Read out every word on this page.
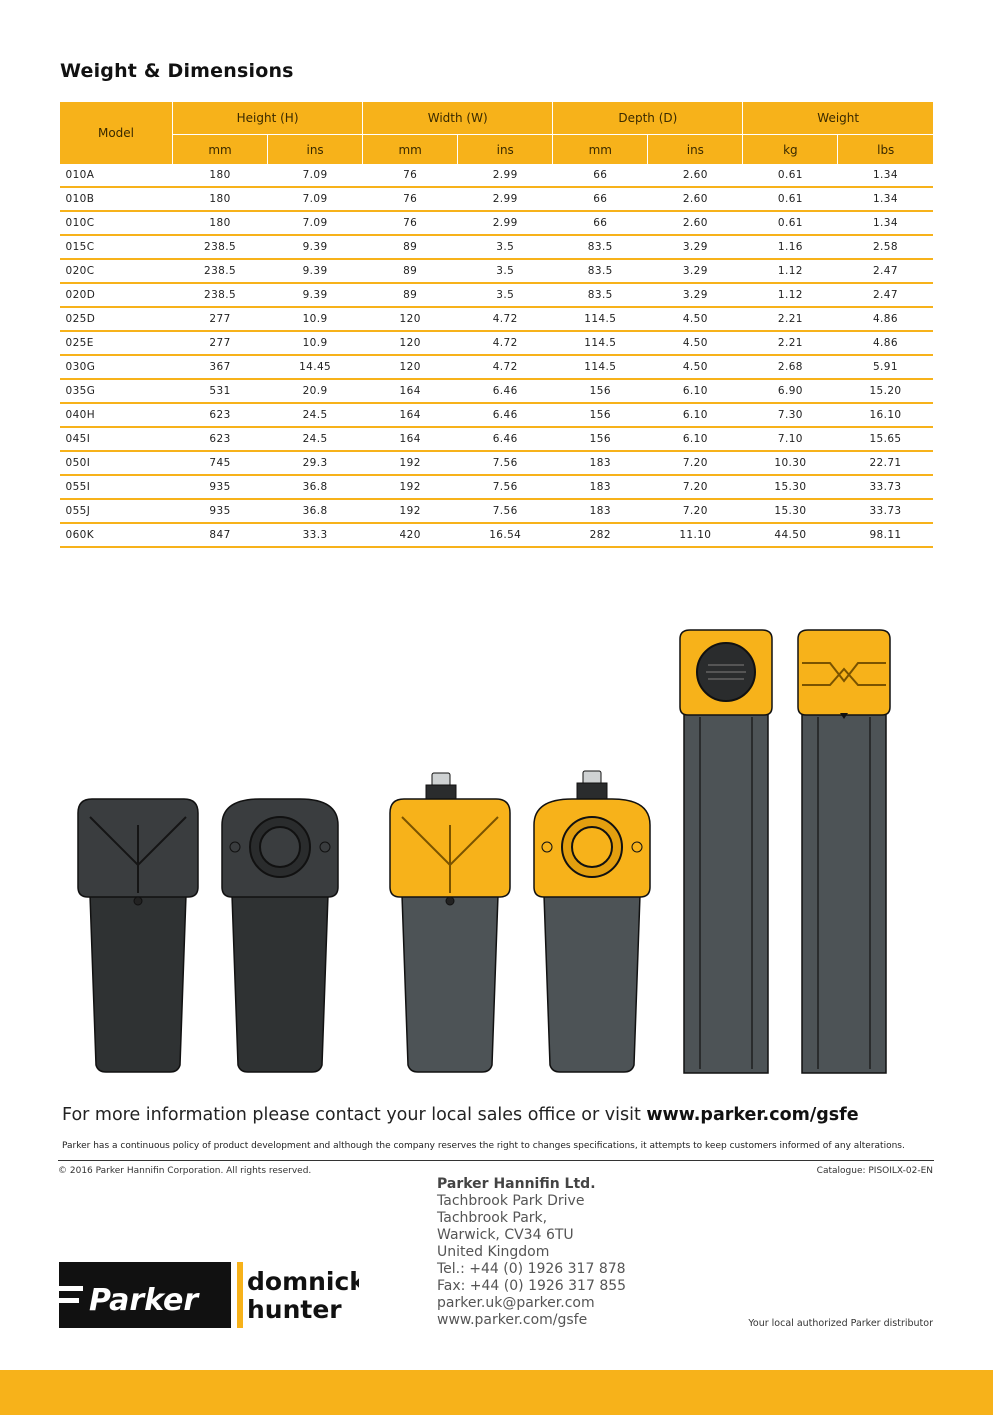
Weight & Dimensions
Model	Height (H)		Width (W)		Depth (D)		Weight	
	mm	ins	mm	ins	mm	ins	kg	lbs
010A	180	7.09	76	2.99	66	2.60	0.61	1.34
010B	180	7.09	76	2.99	66	2.60	0.61	1.34
010C	180	7.09	76	2.99	66	2.60	0.61	1.34
015C	238.5	9.39	89	3.5	83.5	3.29	1.16	2.58
020C	238.5	9.39	89	3.5	83.5	3.29	1.12	2.47
020D	238.5	9.39	89	3.5	83.5	3.29	1.12	2.47
025D	277	10.9	120	4.72	114.5	4.50	2.21	4.86
025E	277	10.9	120	4.72	114.5	4.50	2.21	4.86
030G	367	14.45	120	4.72	114.5	4.50	2.68	5.91
035G	531	20.9	164	6.46	156	6.10	6.90	15.20
040H	623	24.5	164	6.46	156	6.10	7.30	16.10
045I	623	24.5	164	6.46	156	6.10	7.10	15.65
050I	745	29.3	192	7.56	183	7.20	10.30	22.71
055I	935	36.8	192	7.56	183	7.20	15.30	33.73
055J	935	36.8	192	7.56	183	7.20	15.30	33.73
060K	847	33.3	420	16.54	282	11.10	44.50	98.11
For more information please contact your local sales office or visit www.parker.com/gsfe
Parker has a continuous policy of product development and although the company reserves the right to changes specifications, it attempts to keep customers informed of any alterations.
© 2016 Parker Hannifin Corporation. All rights reserved.	Catalogue: PISOILX-02-EN
Parker Hannifin Ltd.
Tachbrook Park Drive
Tachbrook Park,
Warwick, CV34 6TU
United Kingdom
Tel.: +44 (0) 1926 317 878
Fax: +44 (0) 1926 317 855
parker.uk@parker.com
www.parker.com/gsfe
Parker
domnick
hunter	Your local authorized Parker distributor
